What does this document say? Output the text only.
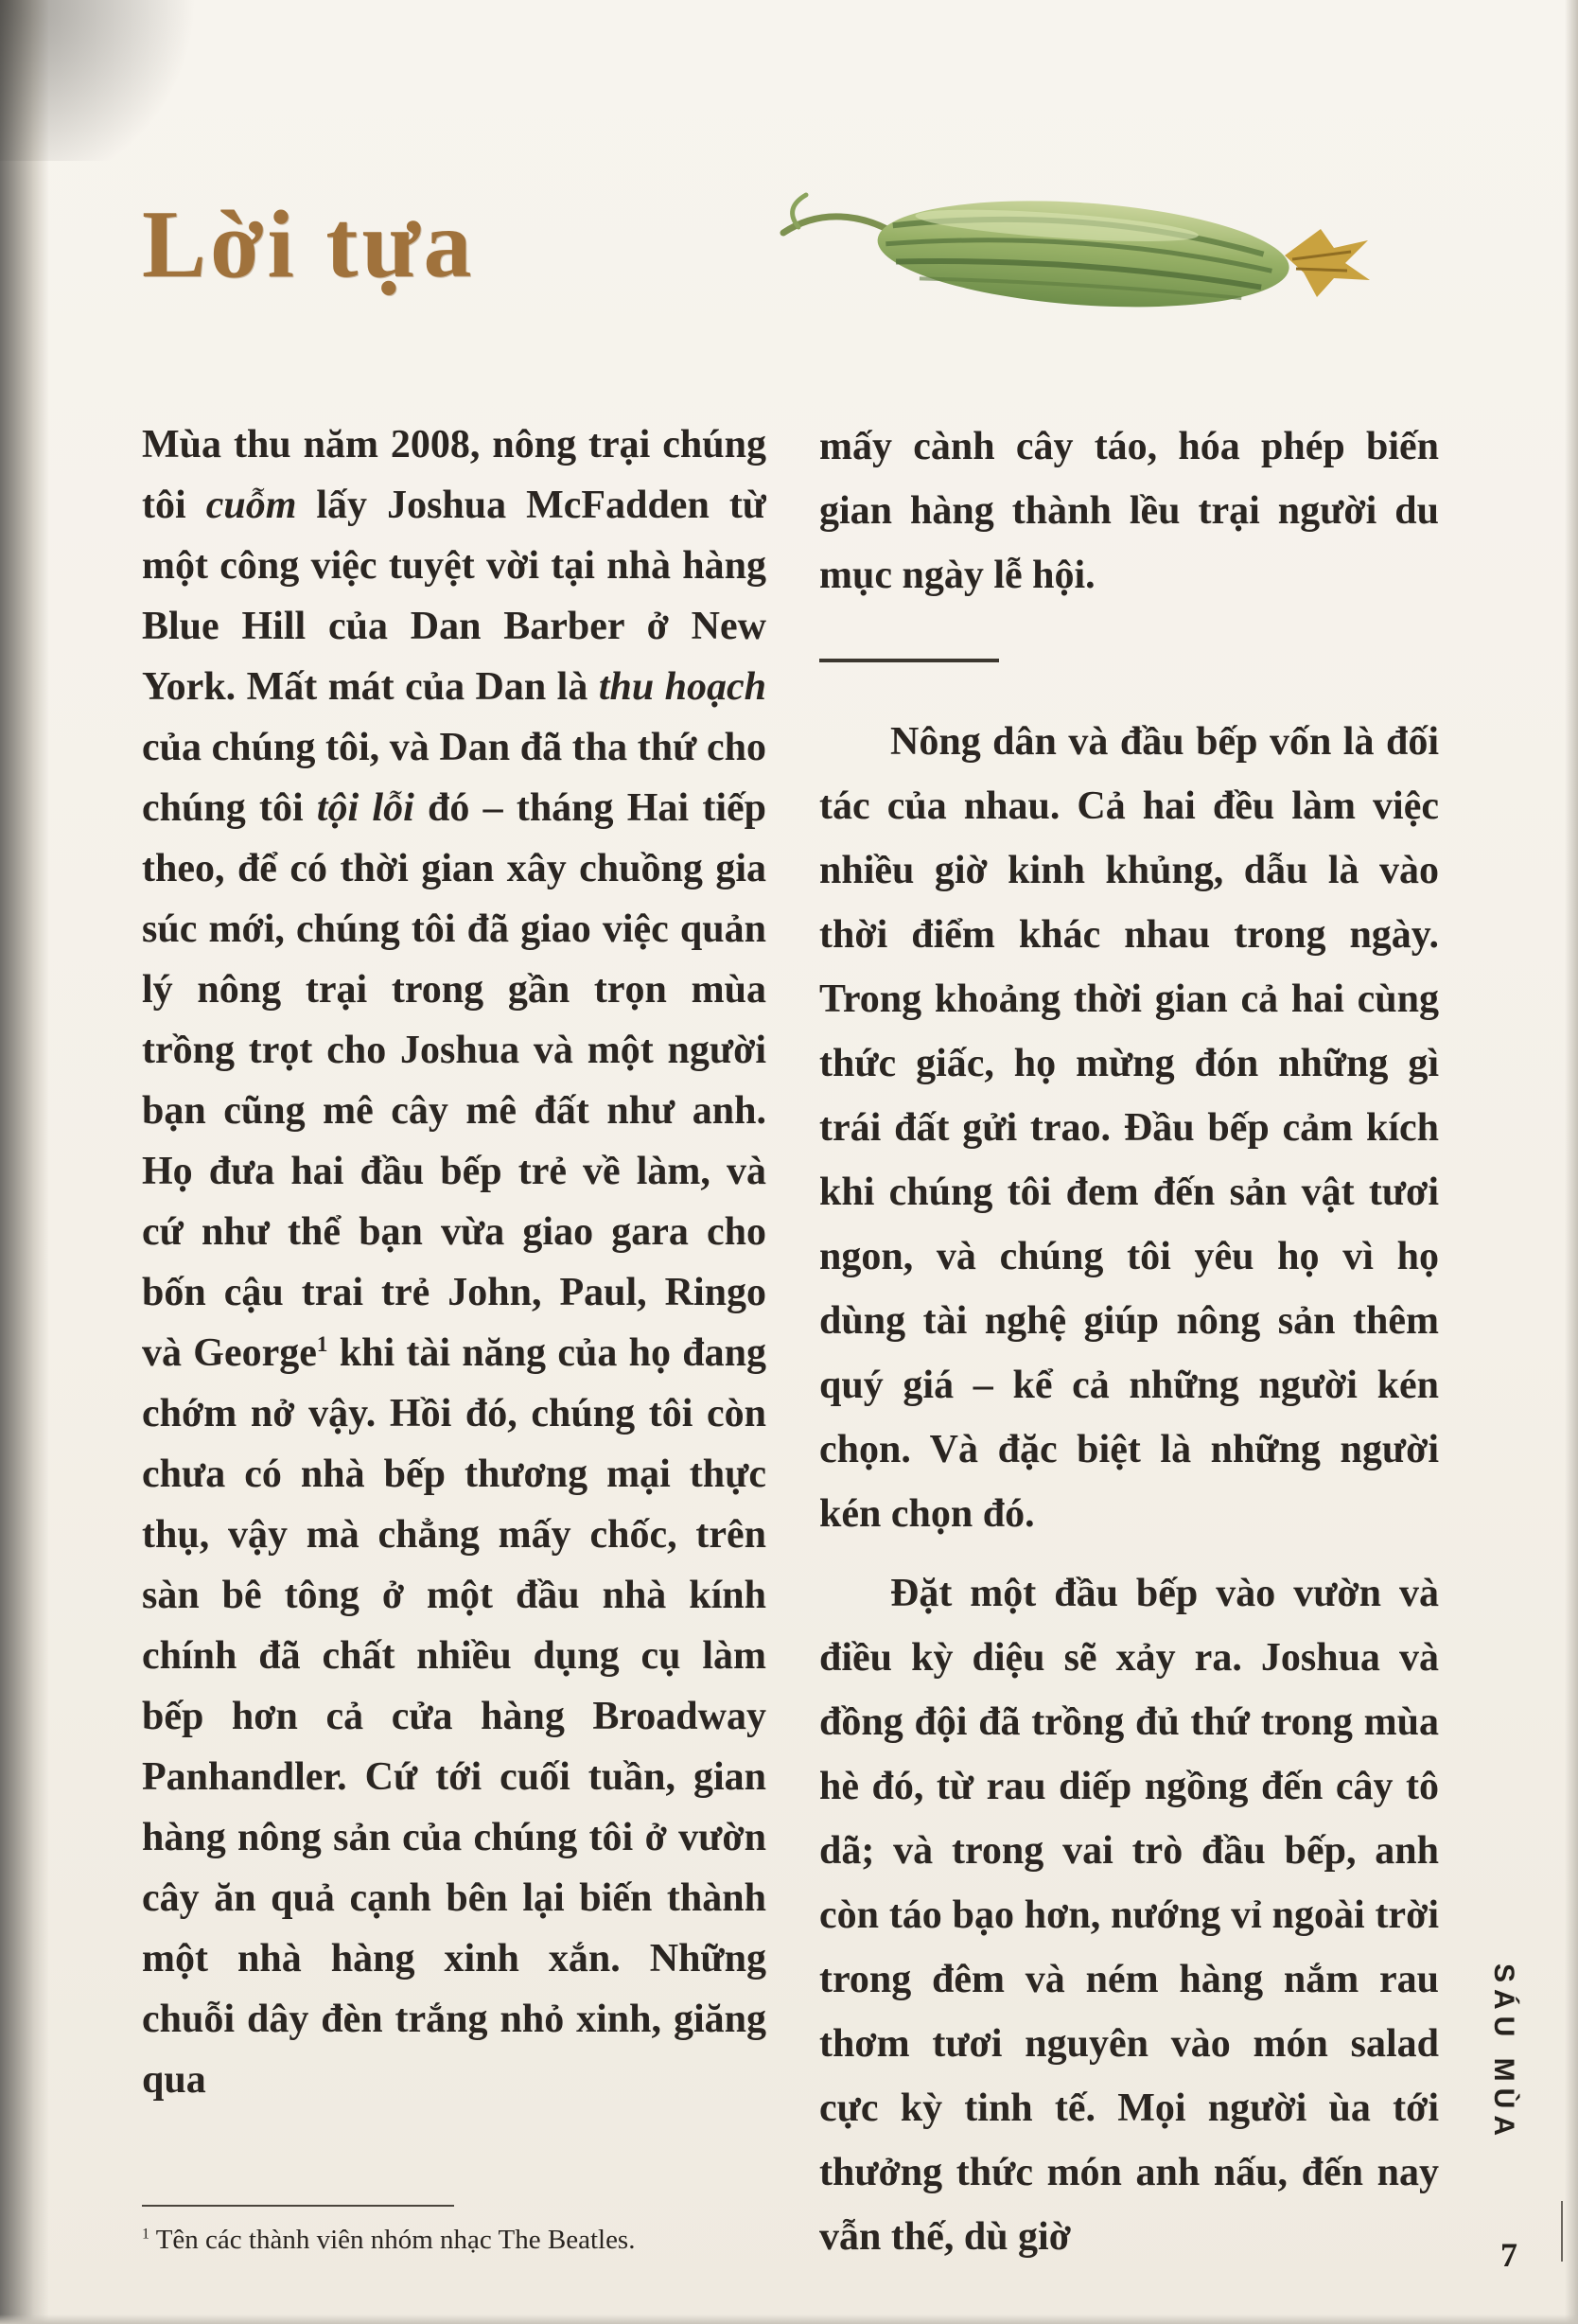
Lời tựa

Mùa thu năm 2008, nông trại chúng tôi cuỗm lấy Joshua McFadden từ một công việc tuyệt vời tại nhà hàng Blue Hill của Dan Barber ở New York. Mất mát của Dan là thu hoạch của chúng tôi, và Dan đã tha thứ cho chúng tôi tội lỗi đó – tháng Hai tiếp theo, để có thời gian xây chuồng gia súc mới, chúng tôi đã giao việc quản lý nông trại trong gần trọn mùa trồng trọt cho Joshua và một người bạn cũng mê cây mê đất như anh. Họ đưa hai đầu bếp trẻ về làm, và cứ như thể bạn vừa giao gara cho bốn cậu trai trẻ John, Paul, Ringo và George$^1$ khi tài năng của họ đang chớm nở vậy. Hồi đó, chúng tôi còn chưa có nhà bếp thương mại thực thụ, vậy mà chẳng mấy chốc, trên sàn bê tông ở một đầu nhà kính chính đã chất nhiều dụng cụ làm bếp hơn cả cửa hàng Broadway Panhandler. Cứ tới cuối tuần, gian hàng nông sản của chúng tôi ở vườn cây ăn quả cạnh bên lại biến thành một nhà hàng xinh xắn. Những chuỗi dây đèn trắng nhỏ xinh, giăng qua

mấy cành cây táo, hóa phép biến gian hàng thành lều trại người du mục ngày lễ hội.

Nông dân và đầu bếp vốn là đối tác của nhau. Cả hai đều làm việc nhiều giờ kinh khủng, dẫu là vào thời điểm khác nhau trong ngày. Trong khoảng thời gian cả hai cùng thức giấc, họ mừng đón những gì trái đất gửi trao. Đầu bếp cảm kích khi chúng tôi đem đến sản vật tươi ngon, và chúng tôi yêu họ vì họ dùng tài nghệ giúp nông sản thêm quý giá – kể cả những người kén chọn. Và đặc biệt là những người kén chọn đó.

Đặt một đầu bếp vào vườn và điều kỳ diệu sẽ xảy ra. Joshua và đồng đội đã trồng đủ thứ trong mùa hè đó, từ rau diếp ngồng đến cây tô dã; và trong vai trò đầu bếp, anh còn táo bạo hơn, nướng vỉ ngoài trời trong đêm và ném hàng nắm rau thơm tươi nguyên vào món salad cực kỳ tinh tế. Mọi người ùa tới thưởng thức món anh nấu, đến nay vẫn thế, dù giờ

$^1$ Tên các thành viên nhóm nhạc The Beatles.
SÁU MÙA
7
